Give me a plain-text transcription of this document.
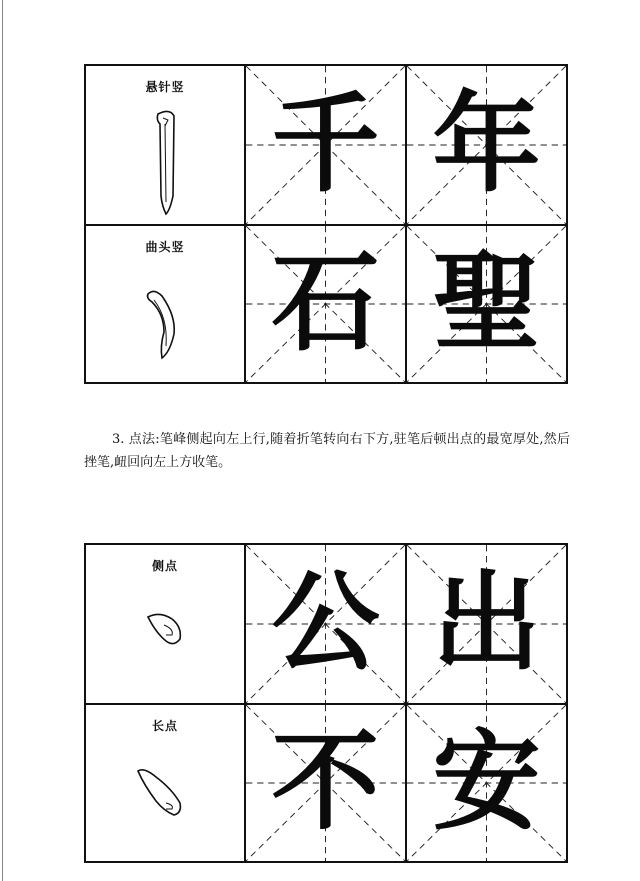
悬针竖 千 年
曲头竖 石 聖
3. 点法:笔峰侧起向左上行,随着折笔转向右下方,驻笔后顿出点的最宽厚处,然后挫笔,衄回向左上方收笔。
侧点 公 出
长点 不 安
